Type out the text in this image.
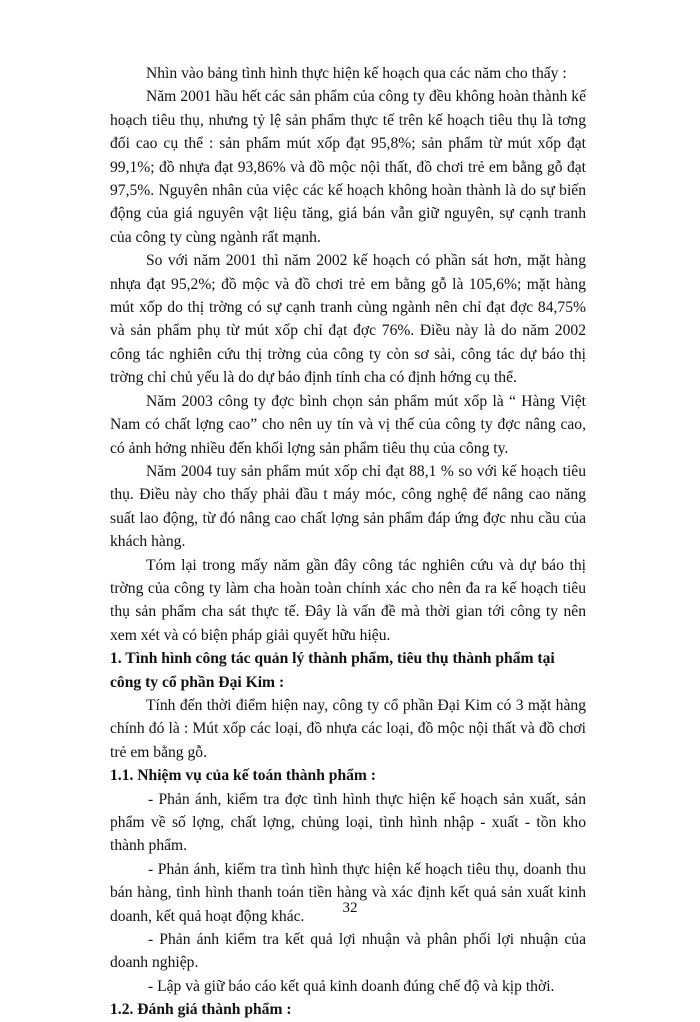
Nhìn vào bảng tình hình thực hiện kế hoạch qua các năm cho thấy :

Năm 2001 hầu hết các sản phẩm của công ty đều không hoàn thành kế hoạch tiêu thụ, nhưng tỷ lệ sản phẩm thực tế trên kế hoạch tiêu thụ là tơng đối cao cụ thể : sản phẩm mút xốp đạt 95,8%; sản phẩm từ mút xốp đạt 99,1%; đồ nhựa đạt 93,86% và đồ mộc nội thất, đồ chơi trẻ em bằng gỗ đạt 97,5%. Nguyên nhân của việc các kế hoạch không hoàn thành là do sự biến động của giá nguyên vật liệu tăng, giá bán vẫn giữ nguyên, sự cạnh tranh của công ty cùng ngành rất mạnh.

So với năm 2001 thì năm 2002 kế hoạch có phần sát hơn, mặt hàng nhựa đạt 95,2%; đồ mộc và đồ chơi trẻ em bằng gỗ là 105,6%; mặt hàng mút xốp do thị trờng có sự cạnh tranh cùng ngành nên chỉ đạt đợc 84,75% và sản phẩm phụ từ mút xốp chỉ đạt đợc 76%. Điều này là do năm 2002 công tác nghiên cứu thị trờng của công ty còn sơ sài, công tác dự báo thị trờng chỉ chủ yếu là do dự báo định tính cha có định hớng cụ thể.

Năm 2003 công ty đợc bình chọn sản phẩm mút xốp là “ Hàng Việt Nam có chất lợng cao” cho nên uy tín và vị thế của công ty đợc nâng cao, có ảnh hởng nhiều đến khối lợng sản phẩm tiêu thụ của công ty.

Năm 2004 tuy sản phẩm mút xốp chỉ đạt 88,1 % so với kế hoạch tiêu thụ. Điều này cho thấy phải đầu t máy móc, công nghệ để nâng cao năng suất lao động, từ đó nâng cao chất lợng sản phẩm đáp ứng đợc nhu cầu của khách hàng.

Tóm lại trong mấy năm gần đây công tác nghiên cứu và dự báo thị trờng của công ty làm cha hoàn toàn chính xác cho nên đa ra kế hoạch tiêu thụ sản phẩm cha sát thực tế. Đây là vấn đề mà thời gian tới công ty nên xem xét và có biện pháp giải quyết hữu hiệu.

1. Tình hình công tác quản lý thành phẩm, tiêu thụ thành phẩm tại công ty cổ phần Đại Kim :

Tính đến thời điểm hiện nay, công ty cổ phần Đại Kim có 3 mặt hàng chính đó là : Mút xốp các loại, đồ nhựa các loại, đồ mộc nội thất và đồ chơi trẻ em bằng gỗ.

1.1. Nhiệm vụ của kế toán thành phẩm :

- Phản ánh, kiểm tra đợc tình hình thực hiện kế hoạch sản xuất, sản phẩm về số lợng, chất lợng, chủng loại, tình hình nhập - xuất - tồn kho thành phẩm.

- Phản ánh, kiểm tra tình hình thực hiện kế hoạch tiêu thụ, doanh thu bán hàng, tình hình thanh toán tiền hàng và xác định kết quả sản xuất kinh doanh, kết quả hoạt động khác.

- Phản ánh kiểm tra kết quả lợi nhuận và phân phối lợi nhuận của doanh nghiệp.

- Lập và giữ báo cáo kết quả kinh doanh đúng chế độ và kịp thời.

1.2. Đánh giá thành phẩm :
32
